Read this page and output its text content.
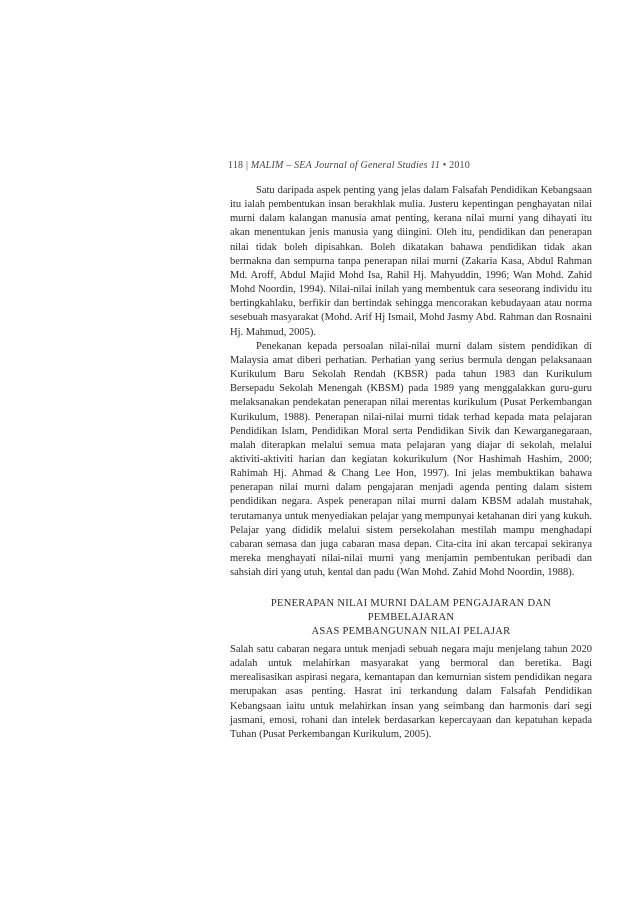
118 | MALIM – SEA Journal of General Studies 11 • 2010

Satu daripada aspek penting yang jelas dalam Falsafah Pendidikan Kebangsaan itu ialah pembentukan insan berakhlak mulia. Justeru kepentingan penghayatan nilai murni dalam kalangan manusia amat penting, kerana nilai murni yang dihayati itu akan menentukan jenis manusia yang diingini. Oleh itu, pendidikan dan penerapan nilai tidak boleh dipisahkan. Boleh dikatakan bahawa pendidikan tidak akan bermakna dan sempurna tanpa penerapan nilai murni (Zakaria Kasa, Abdul Rahman Md. Aroff, Abdul Majid Mohd Isa, Rahil Hj. Mahyuddin, 1996; Wan Mohd. Zahid Mohd Noordin, 1994). Nilai-nilai inilah yang membentuk cara seseorang individu itu bertingkahlaku, berfikir dan bertindak sehingga mencorakan kebudayaan atau norma sesebuah masyarakat (Mohd. Arif Hj Ismail, Mohd Jasmy Abd. Rahman dan Rosnaini Hj. Mahmud, 2005).

Penekanan kepada persoalan nilai-nilai murni dalam sistem pendidikan di Malaysia amat diberi perhatian. Perhatian yang serius bermula dengan pelaksanaan Kurikulum Baru Sekolah Rendah (KBSR) pada tahun 1983 dan Kurikulum Bersepadu Sekolah Menengah (KBSM) pada 1989 yang menggalakkan guru-guru melaksanakan pendekatan penerapan nilai merentas kurikulum (Pusat Perkembangan Kurikulum, 1988). Penerapan nilai-nilai murni tidak terhad kepada mata pelajaran Pendidikan Islam, Pendidikan Moral serta Pendidikan Sivik dan Kewarganegaraan, malah diterapkan melalui semua mata pelajaran yang diajar di sekolah, melalui aktiviti-aktiviti harian dan kegiatan kokurikulum (Nor Hashimah Hashim, 2000; Rahimah Hj. Ahmad & Chang Lee Hon, 1997). Ini jelas membuktikan bahawa penerapan nilai murni dalam pengajaran menjadi agenda penting dalam sistem pendidikan negara. Aspek penerapan nilai murni dalam KBSM adalah mustahak, terutamanya untuk menyediakan pelajar yang mempunyai ketahanan diri yang kukuh. Pelajar yang dididik melalui sistem persekolahan mestilah mampu menghadapi cabaran semasa dan juga cabaran masa depan. Cita-cita ini akan tercapai sekiranya mereka menghayati nilai-nilai murni yang menjamin pembentukan peribadi dan sahsiah diri yang utuh, kental dan padu (Wan Mohd. Zahid Mohd Noordin, 1988).

PENERAPAN NILAI MURNI DALAM PENGAJARAN DAN PEMBELAJARAN
ASAS PEMBANGUNAN NILAI PELAJAR

Salah satu cabaran negara untuk menjadi sebuah negara maju menjelang tahun 2020 adalah untuk melahirkan masyarakat yang bermoral dan beretika. Bagi merealisasikan aspirasi negara, kemantapan dan kemurnian sistem pendidikan negara merupakan asas penting. Hasrat ini terkandung dalam Falsafah Pendidikan Kebangsaan iaitu untuk melahirkan insan yang seimbang dan harmonis dari segi jasmani, emosi, rohani dan intelek berdasarkan kepercayaan dan kepatuhan kepada Tuhan (Pusat Perkembangan Kurikulum, 2005).
